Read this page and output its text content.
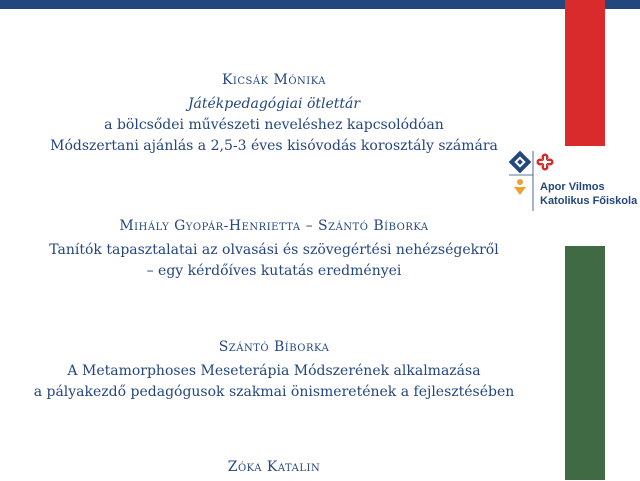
Kicsák Mónika

Játékpedagógiai ötlettár

a bölcsődei művészeti neveléshez kapcsolódóan

Módszertani ajánlás a 2,5-3 éves kisóvodás korosztály számára

Mihály Gyopár-Henrietta – Szántó Bíborka

Tanítók tapasztalatai az olvasási és szövegértési nehézségekről

– egy kérdőíves kutatás eredményei

Szántó Bíborka

A Metamorphoses Meseterápia Módszerének alkalmazása

a pályakezdő pedagógusok szakmai önismeretének a fejlesztésében

Zóka Katalin

Apor Vilmos
Katolikus Főiskola
